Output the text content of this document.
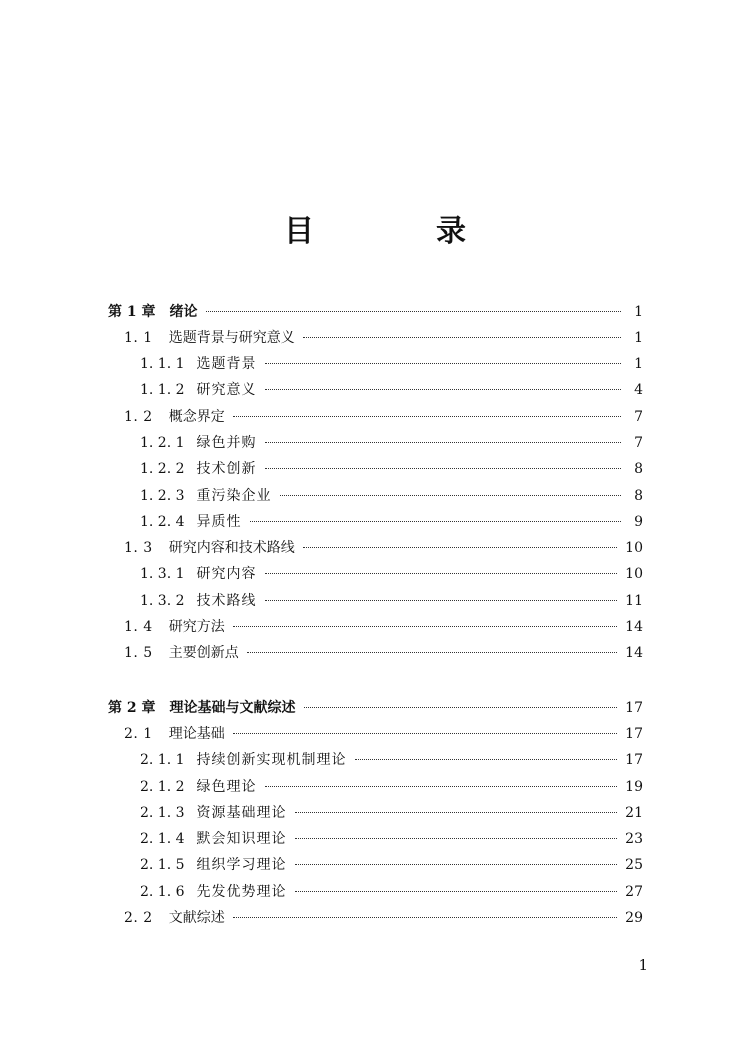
目　录
第 1 章 绪论	1
1. 1 选题背景与研究意义	1
1. 1. 1 选题背景	1
1. 1. 2 研究意义	4
1. 2 概念界定	7
1. 2. 1 绿色并购	7
1. 2. 2 技术创新	8
1. 2. 3 重污染企业	8
1. 2. 4 异质性	9
1. 3 研究内容和技术路线	10
1. 3. 1 研究内容	10
1. 3. 2 技术路线	11
1. 4 研究方法	14
1. 5 主要创新点	14
第 2 章 理论基础与文献综述	17
2. 1 理论基础	17
2. 1. 1 持续创新实现机制理论	17
2. 1. 2 绿色理论	19
2. 1. 3 资源基础理论	21
2. 1. 4 默会知识理论	23
2. 1. 5 组织学习理论	25
2. 1. 6 先发优势理论	27
2. 2 文献综述	29
1
